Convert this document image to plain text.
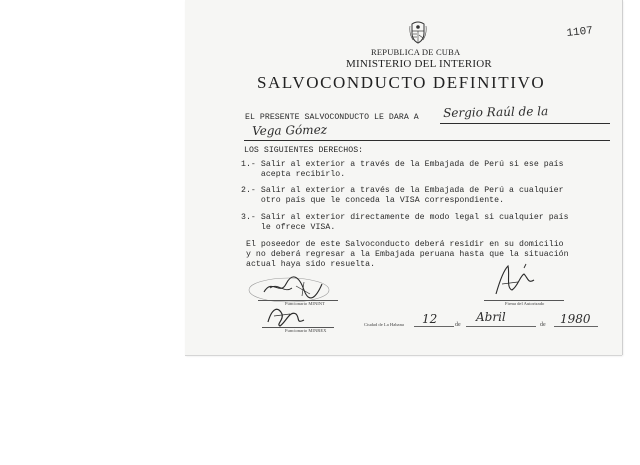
1107
REPUBLICA DE CUBA
MINISTERIO DEL INTERIOR
SALVOCONDUCTO DEFINITIVO
EL PRESENTE SALVOCONDUCTO LE DARA A Sergio Raúl de la
Vega Gómez
LOS SIGUIENTES DERECHOS:
1.- Salir al exterior a través de la Embajada de Perú si ese país
acepta recibirlo.
2.- Salir al exterior a través de la Embajada de Perú a cualquier
otro país que le conceda la VISA correspondiente.
3.- Salir al exterior directamente de modo legal si cualquier país
le ofrece VISA.
El poseedor de este Salvoconducto deberá residir en su domicilio
y no deberá regresar a la Embajada peruana hasta que la situación
actual haya sido resuelta.
Funcionario MININT	Firma del Autorizado
Funcionario MINREX
Ciudad de La Habana 12	de
Abril
de 1980
